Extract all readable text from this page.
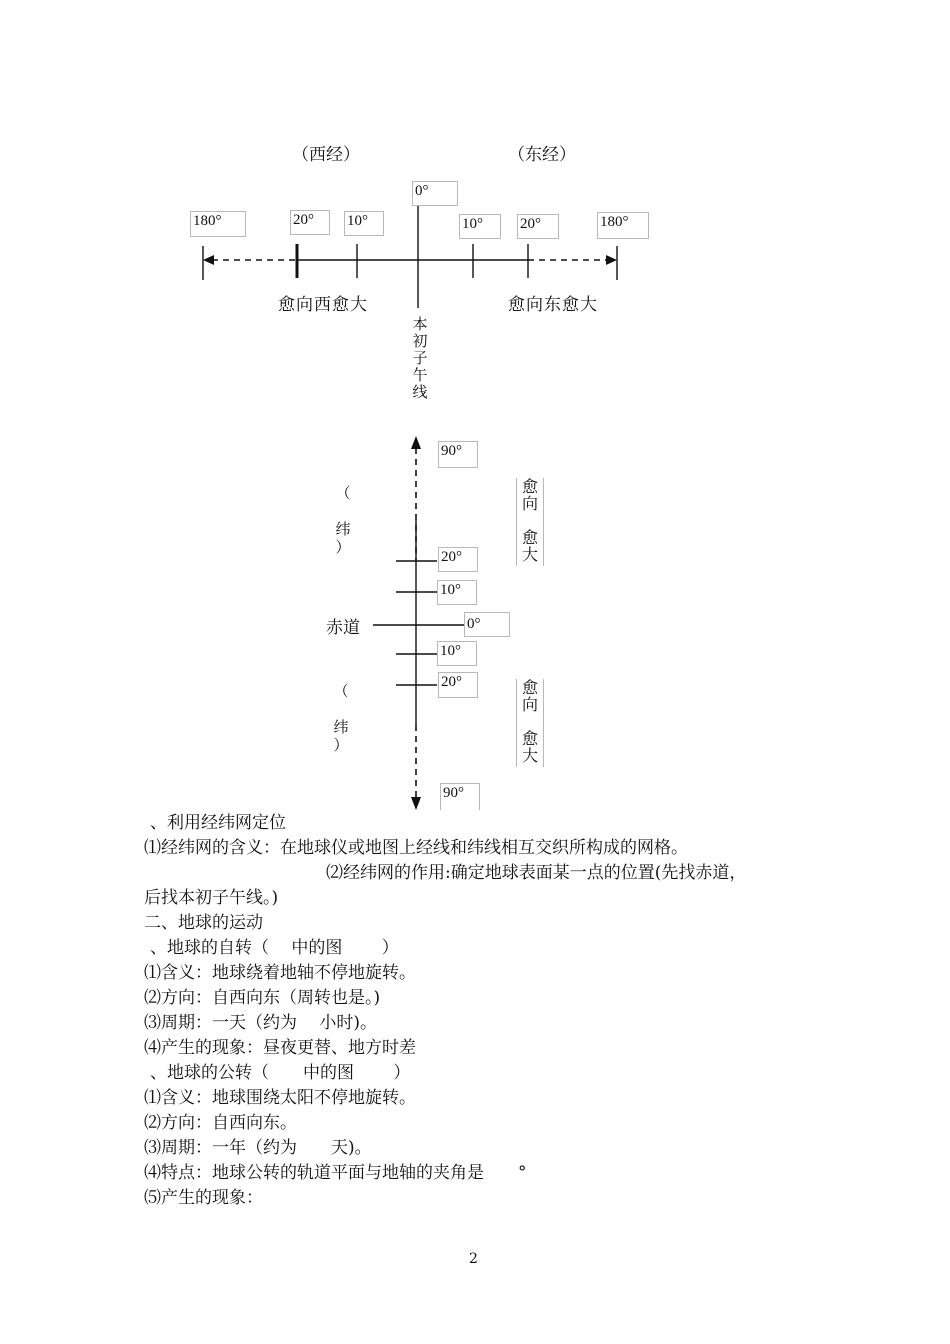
（西经）	（东经）
0°
180°	20°	10°	10°	20°	180°
愈向西愈大	愈向东愈大
本
初
子
午
线
90°
20°
10°
赤道	0°
10°
20°
90°
（
纬
）
（
纬
）
愈
向
愈
大
愈
向
愈
大
、利用经纬网定位
⑴经纬网的含义：在地球仪或地图上经线和纬线相互交织所构成的网格。
⑵经纬网的作用:确定地球表面某一点的位置(先找赤道，
后找本初子午线。)
二、地球的运动
、地球的自转（　 中的图　　 ）
⑴含义：地球绕着地轴不停地旋转。
⑵方向：自西向东（周转也是。)
⑶周期：一天（约为　 小时)。
⑷产生的现象：昼夜更替、地方时差
、地球的公转（　　中的图　　 ）
⑴含义：地球围绕太阳不停地旋转。
⑵方向：自西向东。
⑶周期：一年（约为　　天)。
⑷特点：地球公转的轨道平面与地轴的夹角是　　°
⑸产生的现象：
2
